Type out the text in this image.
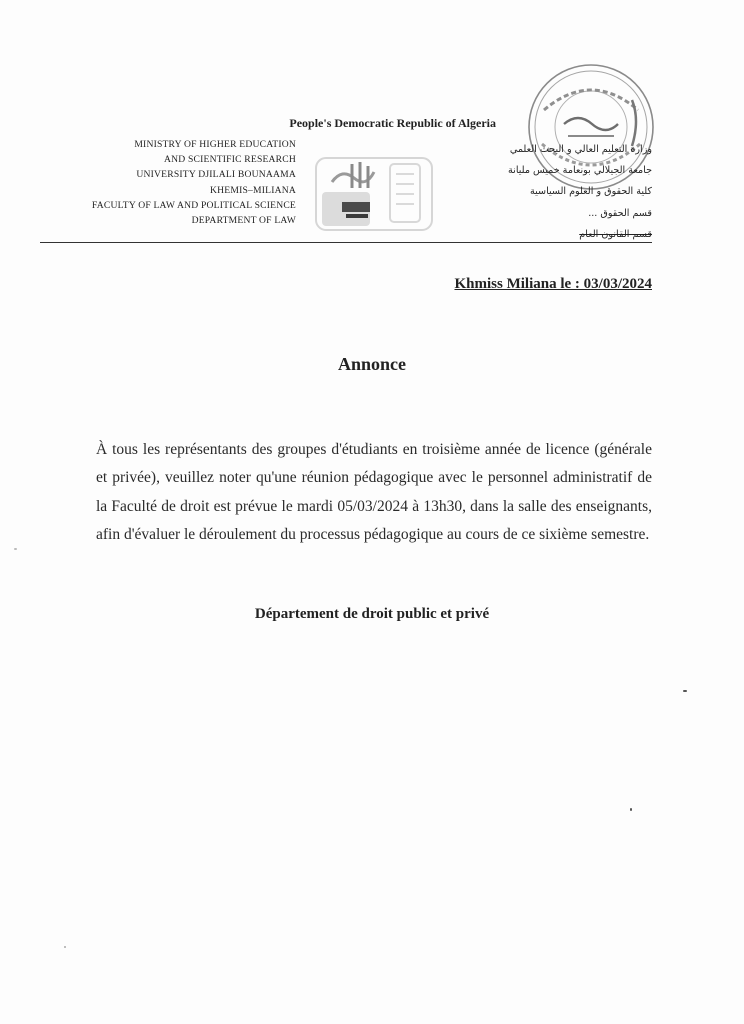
People's Democratic Republic of Algeria
MINISTRY OF HIGHER EDUCATION
AND SCIENTIFIC RESEARCH
UNIVERSITY DJILALI BOUNAAMA
KHEMIS–MILIANA
FACULTY OF LAW AND POLITICAL SCIENCE
DEPARTMENT OF LAW
وزارة التعليم العالي و البحث العلمي
جامعة الجيلالي بونعامة خميس مليانة
كلية الحقوق و العلوم السياسية
قسم الحقوق ...
قسم القانون العام
Khmiss Miliana le : 03/03/2024
Annonce
À tous les représentants des groupes d'étudiants en troisième année de licence (générale et privée), veuillez noter qu'une réunion pédagogique avec le personnel administratif de la Faculté de droit est prévue le mardi 05/03/2024 à 13h30, dans la salle des enseignants, afin d'évaluer le déroulement du processus pédagogique au cours de ce sixième semestre.
Département de droit public et privé
